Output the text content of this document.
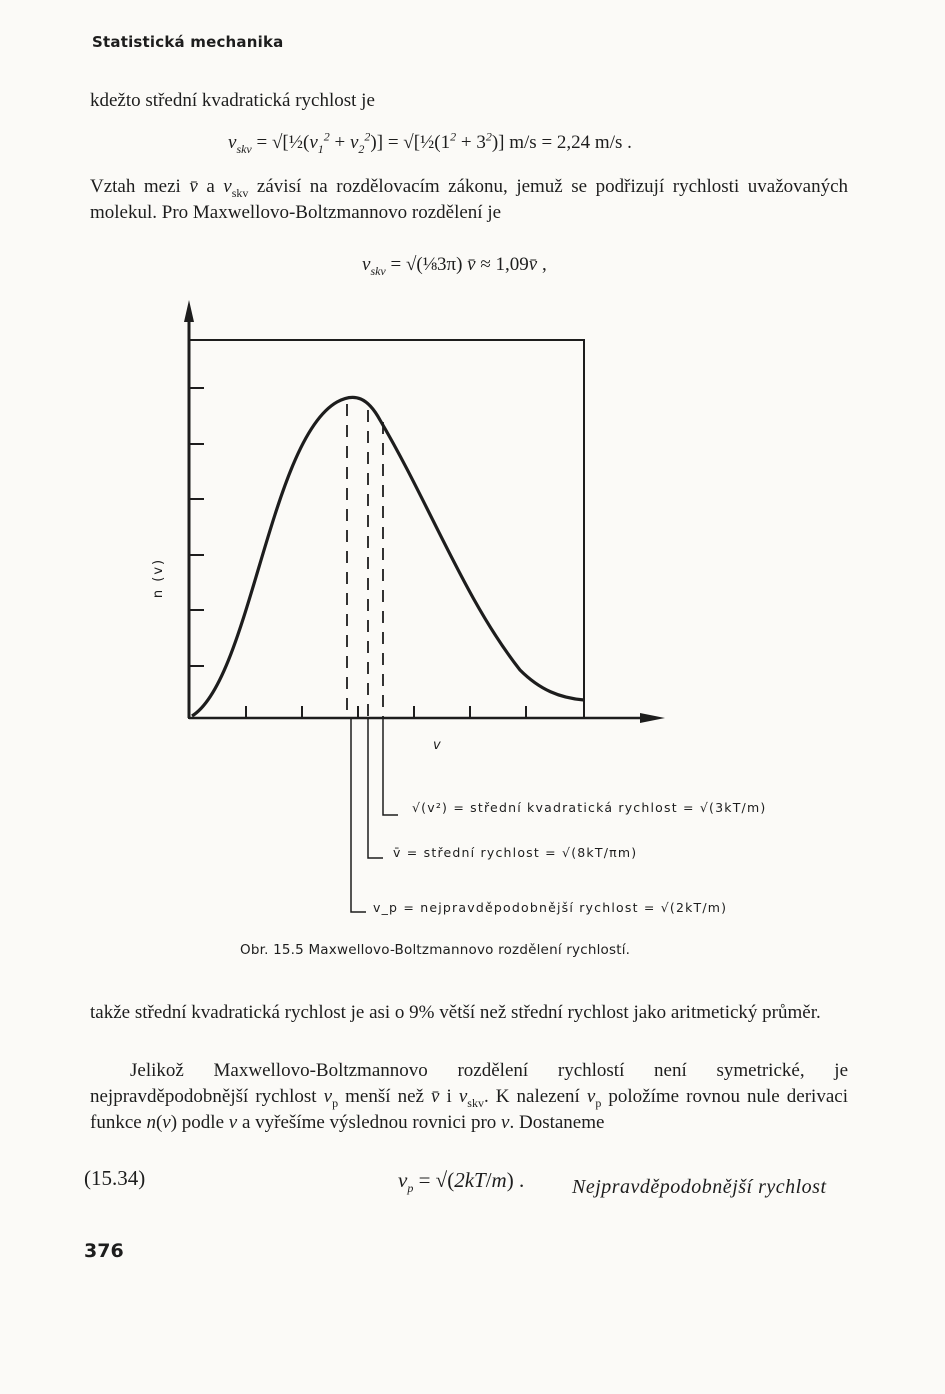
Statistická mechanika
kdežto střední kvadratická rychlost je
$v_{skv}$ = $√[\frac{1}{2}(v_1^2 + v_2^2)]$ = $√[\frac{1}{2}(1^2 + 3^2)] m/s = 2,24$ m/s .
Vztah mezi v̄ a $v_{skv}$ závisí na rozdělovacím zákonu, jemuž se podřizují rychlosti uvažovaných molekul. Pro Maxwellovo-Boltzmannovo rozdělení je
$v_{skv}$ = √(⅛3π) v̄ ≈ 1,09v̄ ,
n (v)
v
√(v²) = střední kvadratická rychlost = √(3kT/m)
v̄ = střední rychlost = √(8kT/πm)
v_p = nejpravděpodobnější rychlost = √(2kT/m)
Obr. 15.5 Maxwellovo-Boltzmannovo rozdělení rychlostí.
takže střední kvadratická rychlost je asi o 9% větší než střední rychlost jako aritmetický průměr.
Jelikož Maxwellovo-Boltzmannovo rozdělení rychlostí není symetrické, je nejpravděpodobnější rychlost $v_p$ menší než v̄ i $v_{skv}$. K nalezení $v_p$ položíme rovnou nule derivaci funkce n(v) podle v a vyřešíme výslednou rovnici pro v. Dostaneme
(15.34)	$v_p = √(2kT/m)$ . Nejpravděpodobnější rychlost
376
